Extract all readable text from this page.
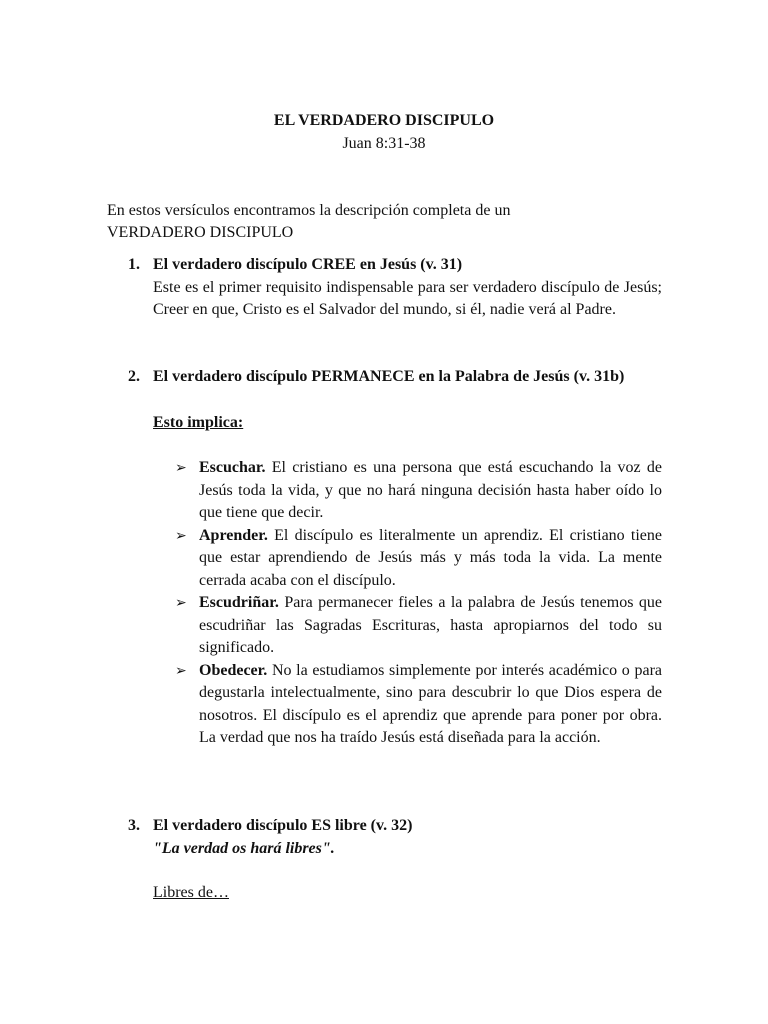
EL VERDADERO DISCIPULO
Juan 8:31-38
En estos versículos encontramos la descripción completa de un VERDADERO DISCIPULO
1. El verdadero discípulo CREE en Jesús (v. 31)
Este es el primer requisito indispensable para ser verdadero discípulo de Jesús; Creer en que, Cristo es el Salvador del mundo, si él, nadie verá al Padre.
2. El verdadero discípulo PERMANECE en la Palabra de Jesús (v. 31b)
Esto implica:
➢ Escuchar. El cristiano es una persona que está escuchando la voz de Jesús toda la vida, y que no hará ninguna decisión hasta haber oído lo que tiene que decir.
➢ Aprender. El discípulo es literalmente un aprendiz. El cristiano tiene que estar aprendiendo de Jesús más y más toda la vida. La mente cerrada acaba con el discípulo.
➢ Escudriñar. Para permanecer fieles a la palabra de Jesús tenemos que escudriñar las Sagradas Escrituras, hasta apropiarnos del todo su significado.
➢ Obedecer. No la estudiamos simplemente por interés académico o para degustarla intelectualmente, sino para descubrir lo que Dios espera de nosotros. El discípulo es el aprendiz que aprende para poner por obra. La verdad que nos ha traído Jesús está diseñada para la acción.
3. El verdadero discípulo ES libre (v. 32)
"La verdad os hará libres".
Libres de…
